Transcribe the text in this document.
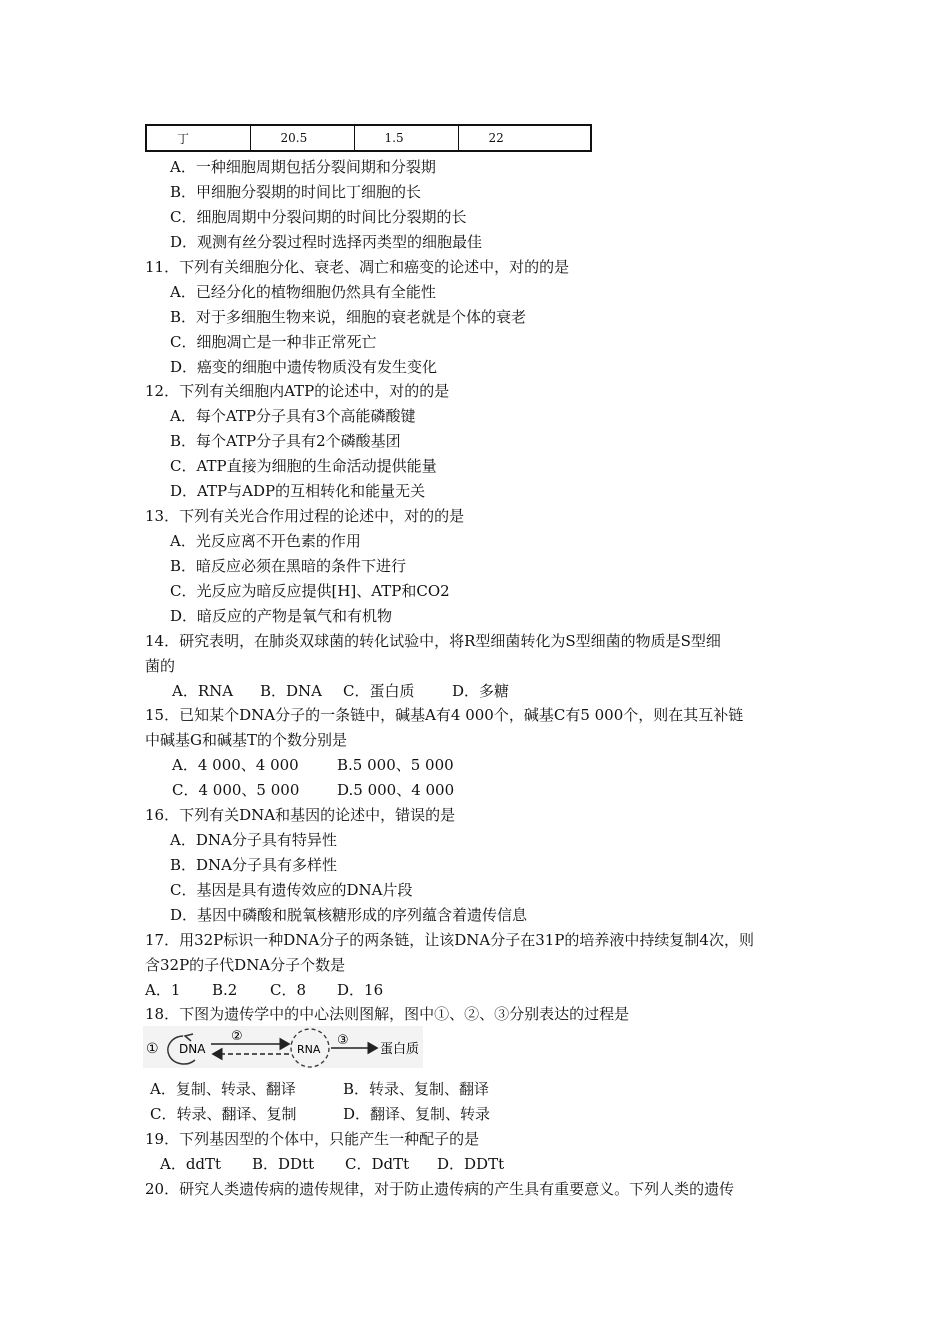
丁	20.5	1.5	22
A．一种细胞周期包括分裂间期和分裂期
B．甲细胞分裂期的时间比丁细胞的长
C．细胞周期中分裂问期的时间比分裂期的长
D．观测有丝分裂过程时选择丙类型的细胞最佳
11．下列有关细胞分化、衰老、凋亡和癌变的论述中，对的的是
A．已经分化的植物细胞仍然具有全能性
B．对于多细胞生物来说，细胞的衰老就是个体的衰老
C．细胞凋亡是一种非正常死亡
D．癌变的细胞中遗传物质没有发生变化
12．下列有关细胞内ATP的论述中，对的的是
A．每个ATP分子具有3个高能磷酸键
B．每个ATP分子具有2个磷酸基团
C．ATP直接为细胞的生命活动提供能量
D．ATP与ADP的互相转化和能量无关
13．下列有关光合作用过程的论述中，对的的是
A．光反应离不开色素的作用
B．暗反应必须在黑暗的条件下进行
C．光反应为暗反应提供[H]、ATP和CO2
D．暗反应的产物是氧气和有机物
14．研究表明，在肺炎双球菌的转化试验中，将R型细菌转化为S型细菌的物质是S型细
菌的
A．RNA B．DNA C．蛋白质	D．多糖
15．已知某个DNA分子的一条链中，碱基A有4 000个，碱基C有5 000个，则在其互补链
中碱基G和碱基T的个数分别是
A．4 000、4 000	B.5 000、5 000
C．4 000、5 000	D.5 000、4 000
16．下列有关DNA和基因的论述中，错误的是
A．DNA分子具有特异性
B．DNA分子具有多样性
C．基因是具有遗传效应的DNA片段
D．基因中磷酸和脱氧核糖形成的序列蕴含着遗传信息
17．用32P标识一种DNA分子的两条链，让该DNA分子在31P的培养液中持续复制4次，则
含32P的子代DNA分子个数是
A．1 B.2 C．8 D．16
18．下图为遗传学中的中心法则图解，图中①、②、③分别表达的过程是
① DNA
②
RNA
③
蛋白质
A．复制、转录、翻译	B．转录、复制、翻译
C．转录、翻译、复制	D．翻译、复制、转录
19．下列基因型的个体中，只能产生一种配子的是
A．ddTt B．DDtt C．DdTt D．DDTt
20．研究人类遗传病的遗传规律，对于防止遗传病的产生具有重要意义。下列人类的遗传
